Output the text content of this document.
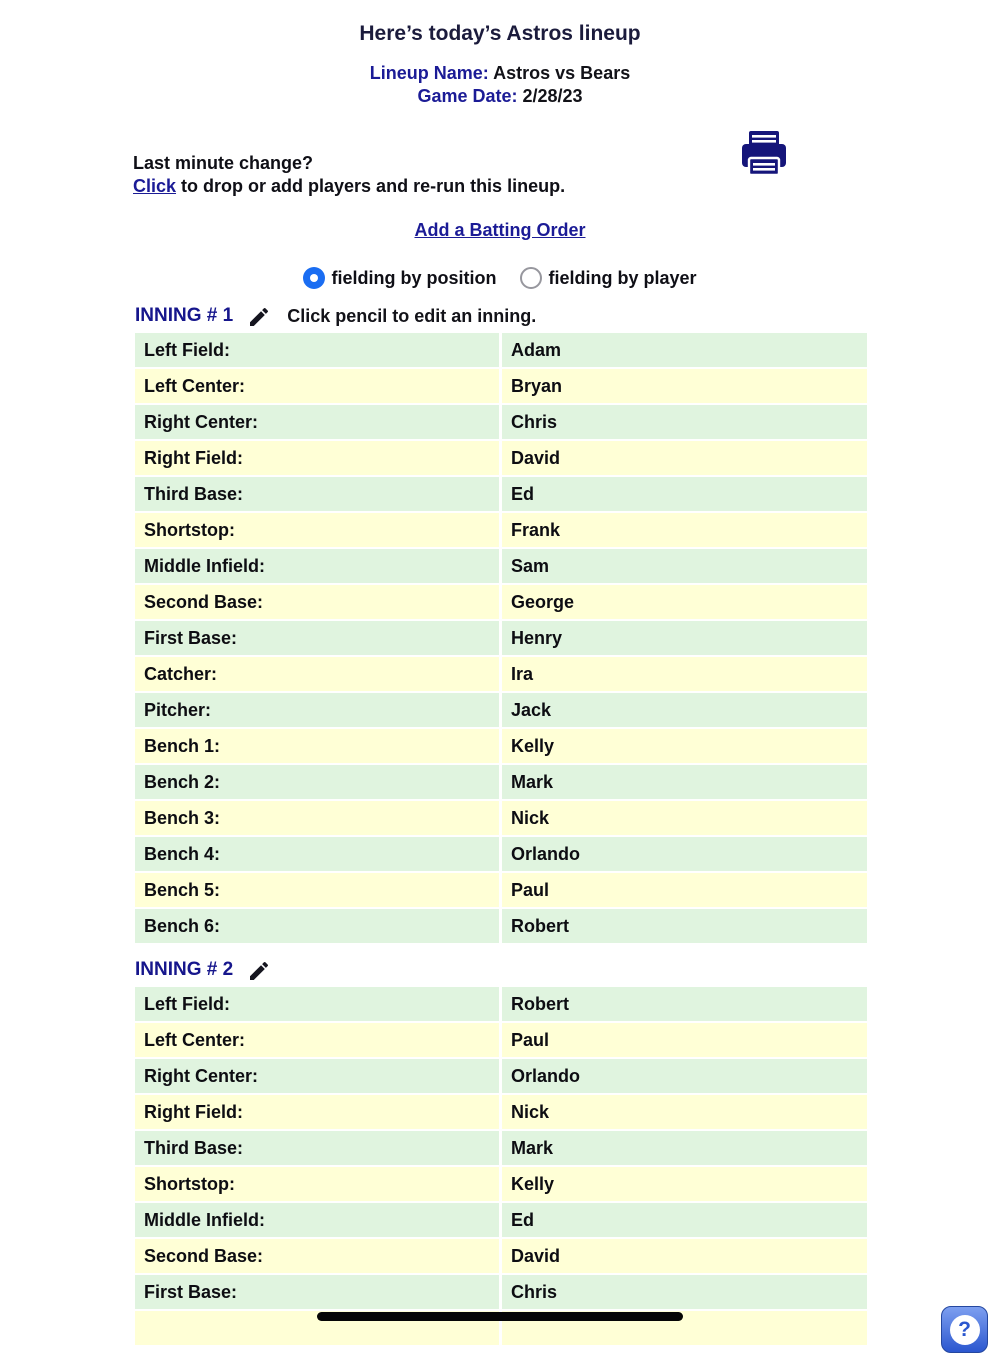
Here’s today’s Astros lineup
Lineup Name: Astros vs Bears
Game Date: 2/28/23
Last minute change?
Click to drop or add players and re-run this lineup.
Add a Batting Order
fielding by position	fielding by player
INNING # 1	Click pencil to edit an inning.
Left Field:	Adam
Left Center:	Bryan
Right Center:	Chris
Right Field:	David
Third Base:	Ed
Shortstop:	Frank
Middle Infield:	Sam
Second Base:	George
First Base:	Henry
Catcher:	Ira
Pitcher:	Jack
Bench 1:	Kelly
Bench 2:	Mark
Bench 3:	Nick
Bench 4:	Orlando
Bench 5:	Paul
Bench 6:	Robert
INNING # 2
Left Field:	Robert
Left Center:	Paul
Right Center:	Orlando
Right Field:	Nick
Third Base:	Mark
Shortstop:	Kelly
Middle Infield:	Ed
Second Base:	David
First Base:	Chris
?
